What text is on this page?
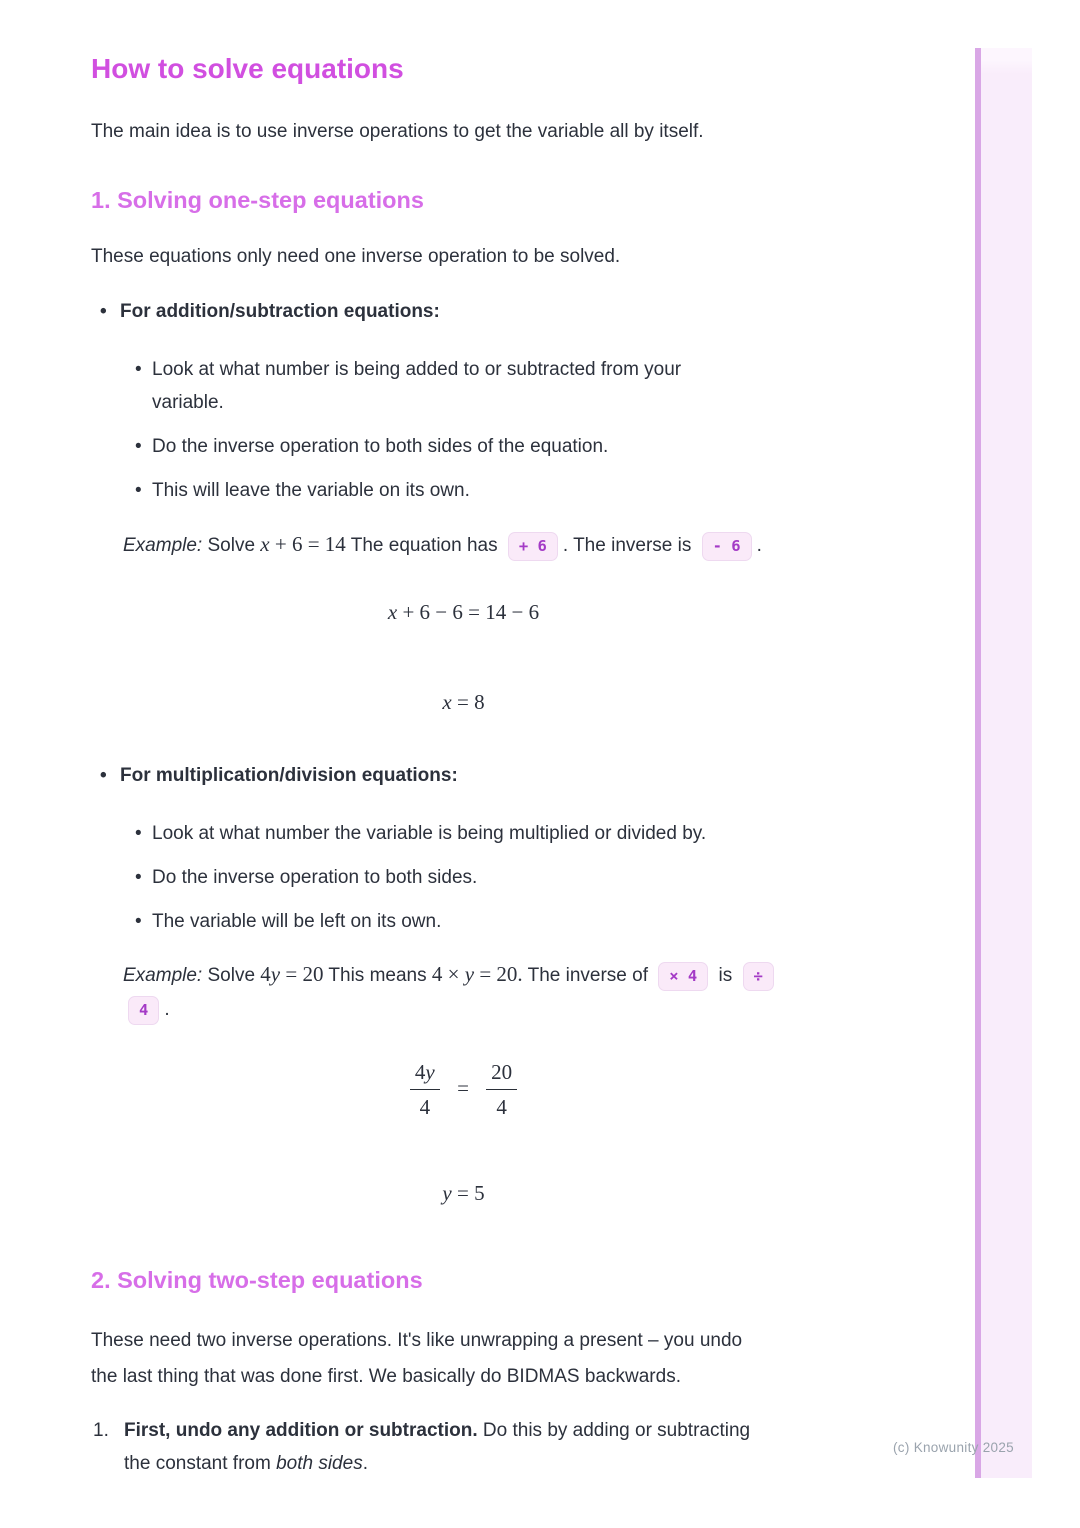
(c) Knowunity 2025
How to solve equations

The main idea is to use inverse operations to get the variable all by itself.

1. Solving one-step equations

These equations only need one inverse operation to be solved.

•
For addition/subtraction equations:
•
Look at what number is being added to or subtracted from your variable.
•
Do the inverse operation to both sides of the equation.
•
This will leave the variable on its own.

Example: Solve x + 6 = 14 The equation has + 6 . The inverse is - 6 .

x + 6 − 6 = 14 − 6
x = 8
•
For multiplication/division equations:
•
Look at what number the variable is being multiplied or divided by.
•
Do the inverse operation to both sides.
•
The variable will be left on its own.

Example: Solve 4y = 20 This means 4 × y = 20. The inverse of × 4 is ÷
4 .

$\frac{4y}{4} = \frac{20}{4}$
y = 5
2. Solving two-step equations

These need two inverse operations. It's like unwrapping a present – you undo the last thing that was done first. We basically do BIDMAS backwards.

1. First, undo any addition or subtraction. Do this by adding or subtracting the constant from both sides.
